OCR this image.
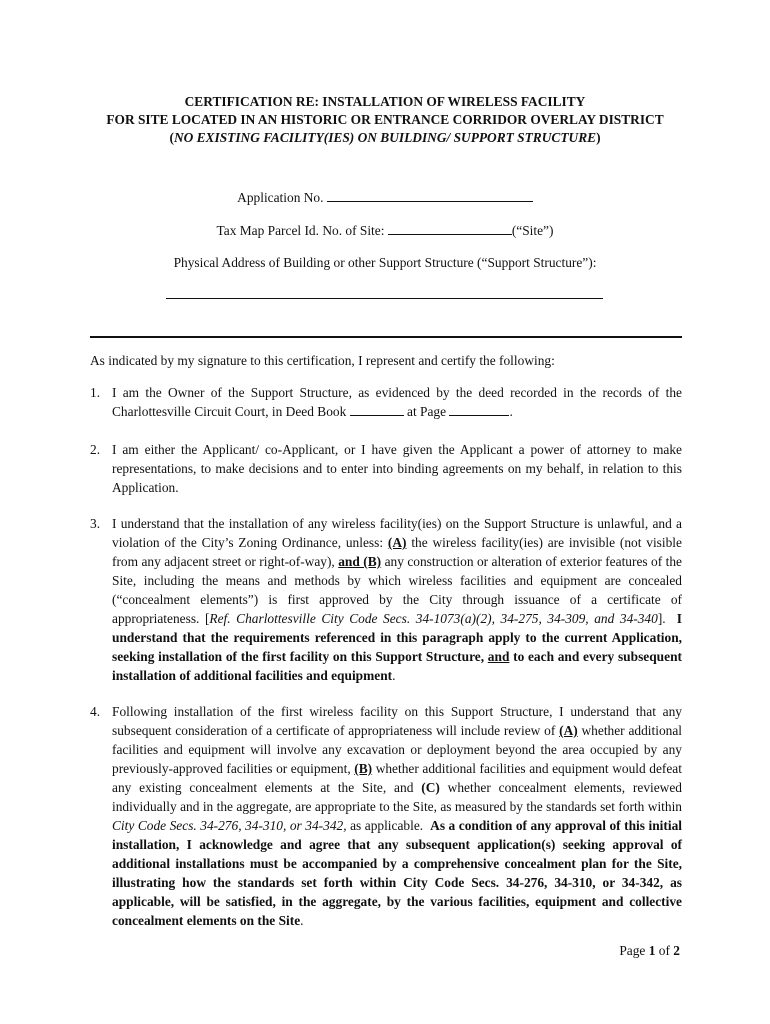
CERTIFICATION RE: INSTALLATION OF WIRELESS FACILITY
FOR SITE LOCATED IN AN HISTORIC OR ENTRANCE CORRIDOR OVERLAY DISTRICT
(NO EXISTING FACILITY(IES) ON BUILDING/ SUPPORT STRUCTURE)
Application No.
Tax Map Parcel Id. No. of Site:	(“Site”)
Physical Address of Building or other Support Structure (“Support Structure”):
As indicated by my signature to this certification, I represent and certify the following:
1. I am the Owner of the Support Structure, as evidenced by the deed recorded in the records of the Charlottesville Circuit Court, in Deed Book	at Page	.
2. I am either the Applicant/ co-Applicant, or I have given the Applicant a power of attorney to make representations, to make decisions and to enter into binding agreements on my behalf, in relation to this Application.
3. I understand that the installation of any wireless facility(ies) on the Support Structure is unlawful, and a violation of the City’s Zoning Ordinance, unless: (A) the wireless facility(ies) are invisible (not visible from any adjacent street or right-of-way), and (B) any construction or alteration of exterior features of the Site, including the means and methods by which wireless facilities and equipment are concealed (“concealment elements”) is first approved by the City through issuance of a certificate of appropriateness. [Ref. Charlottesville City Code Secs. 34-1073(a)(2), 34-275, 34-309, and 34-340]. I understand that the requirements referenced in this paragraph apply to the current Application, seeking installation of the first facility on this Support Structure, and to each and every subsequent installation of additional facilities and equipment.
4. Following installation of the first wireless facility on this Support Structure, I understand that any subsequent consideration of a certificate of appropriateness will include review of (A) whether additional facilities and equipment will involve any excavation or deployment beyond the area occupied by any previously-approved facilities or equipment, (B) whether additional facilities and equipment would defeat any existing concealment elements at the Site, and (C) whether concealment elements, reviewed individually and in the aggregate, are appropriate to the Site, as measured by the standards set forth within City Code Secs. 34-276, 34-310, or 34-342, as applicable. As a condition of any approval of this initial installation, I acknowledge and agree that any subsequent application(s) seeking approval of additional installations must be accompanied by a comprehensive concealment plan for the Site, illustrating how the standards set forth within City Code Secs. 34-276, 34-310, or 34-342, as applicable, will be satisfied, in the aggregate, by the various facilities, equipment and collective concealment elements on the Site.
Page 1 of 2
